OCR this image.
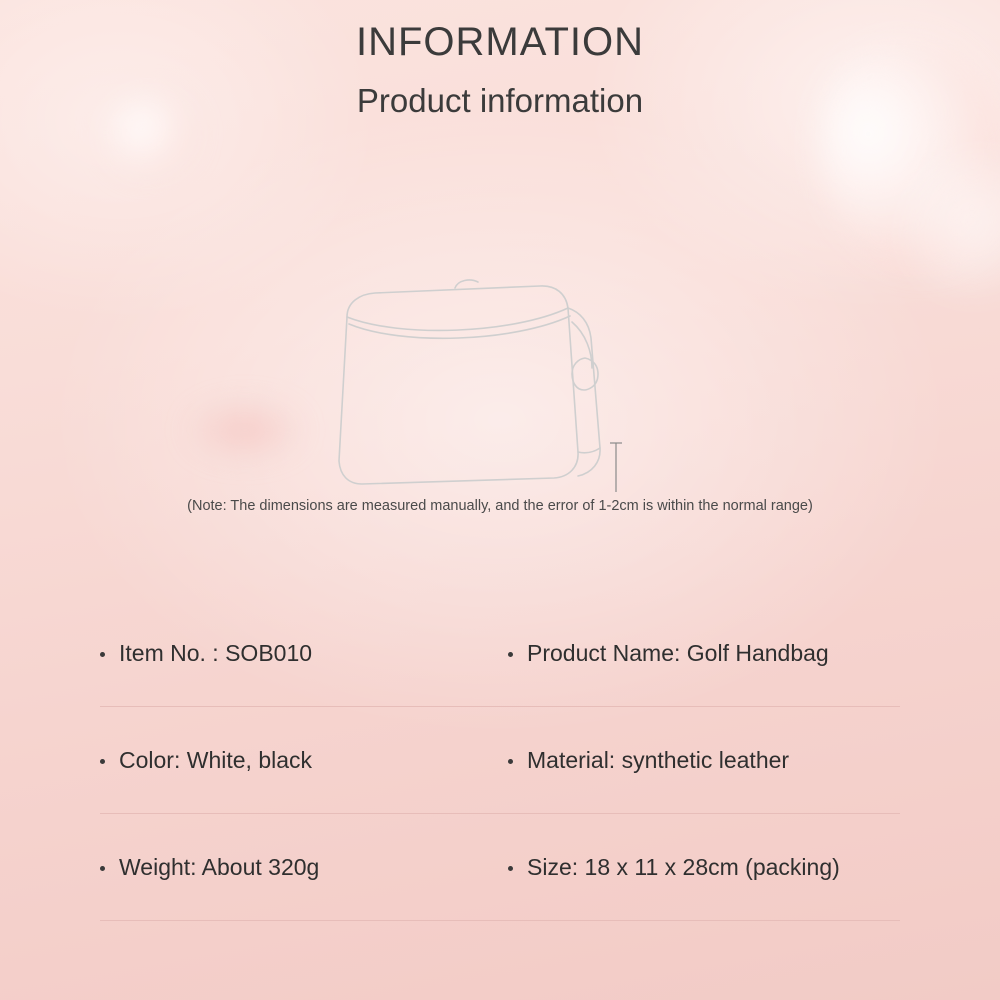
INFORMATION
Product information
(Note: The dimensions are measured manually, and the error of 1-2cm is within the normal range)
Item No. : SOB010	Product Name: Golf Handbag
Color: White, black	Material: synthetic leather
Weight: About 320g	Size: 18 x 11 x 28cm (packing)
